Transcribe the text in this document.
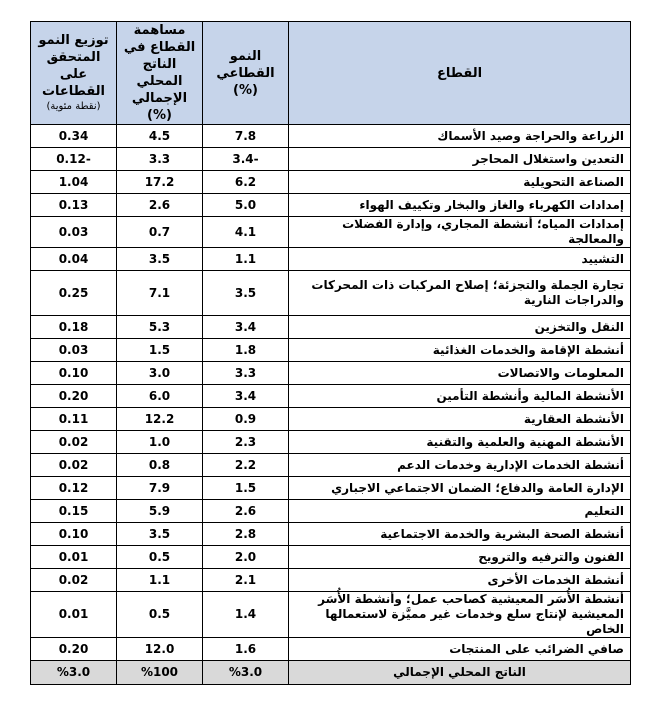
القطاع	النمو القطاعي (%)	مساهمة القطاع في الناتج المحلي الإجمالي (%)	توزيع النمو المتحقق على القطاعات
(نقطة مئوية)

الزراعة والحراجة وصيد الأسماك	7.8	4.5	0.34
التعدين واستغلال المحاجر	-3.4	3.3	-0.12
الصناعة التحويلية	6.2	17.2	1.04
إمدادات الكهرباء والغاز والبخار وتكييف الهواء	5.0	2.6	0.13
إمدادات المياه؛ أنشطة المجاري، وإدارة الفضلات والمعالجة	4.1	0.7	0.03
التشييد	1.1	3.5	0.04
تجارة الجملة والتجزئة؛ إصلاح المركبات ذات المحركات والدراجات النارية	3.5	7.1	0.25
النقل والتخزين	3.4	5.3	0.18
أنشطة الإقامة والخدمات الغذائية	1.8	1.5	0.03
المعلومات والاتصالات	3.3	3.0	0.10
الأنشطة المالية وأنشطة التأمين	3.4	6.0	0.20
الأنشطة العقارية	0.9	12.2	0.11
الأنشطة المهنية والعلمية والتقنية	2.3	1.0	0.02
أنشطة الخدمات الإدارية وخدمات الدعم	2.2	0.8	0.02
الإدارة العامة والدفاع؛ الضمان الاجتماعي الاجباري	1.5	7.9	0.12
التعليم	2.6	5.9	0.15
أنشطة الصحة البشرية والخدمة الاجتماعية	2.8	3.5	0.10
الفنون والترفيه والترويح	2.0	0.5	0.01
أنشطة الخدمات الأخرى	2.1	1.1	0.02
أنشطة الأُسَر المعيشية كصاحب عمل؛ وأنشطة الأُسَر المعيشية لإنتاج سلع وخدمات غير مميَّزة لاستعمالها الخاص	1.4	0.5	0.01
صافي الضرائب على المنتجات	1.6	12.0	0.20
الناتج المحلي الإجمالي	%3.0	%100	%3.0
